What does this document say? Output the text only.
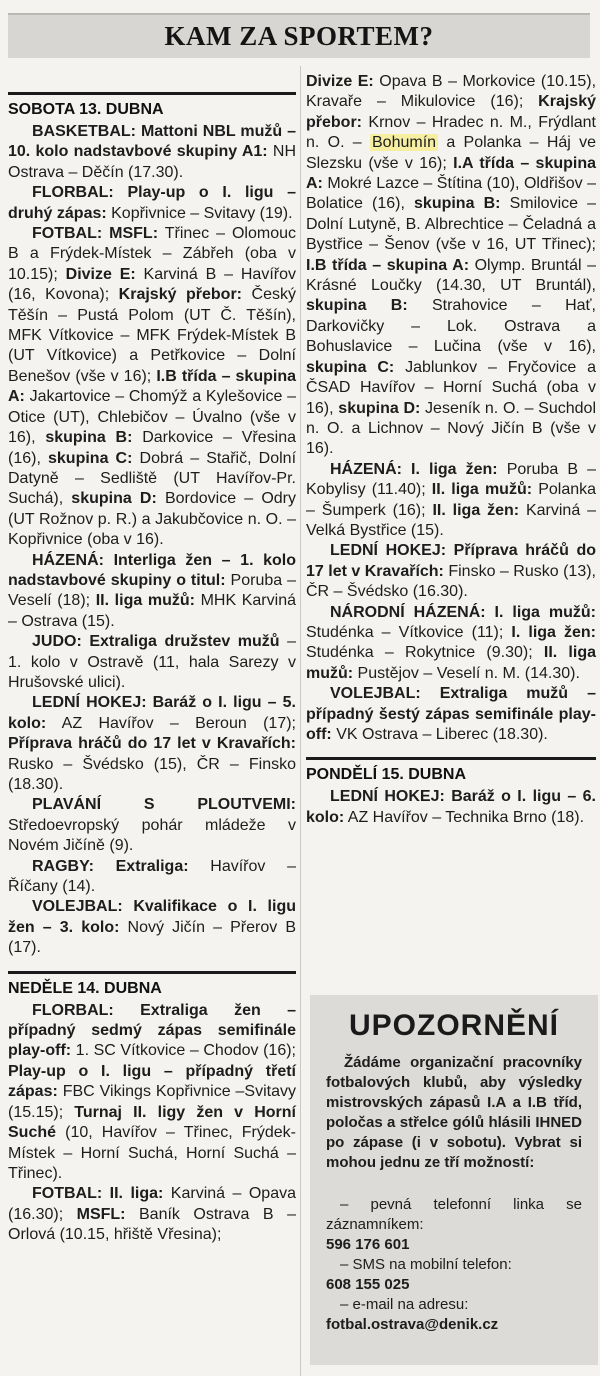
KAM ZA SPORTEM?
SOBOTA 13. DUBNA

BASKETBAL: Mattoni NBL mužů – 10. kolo nadstavbové skupiny A1: NH Ostrava – Děčín (17.30).

FLORBAL: Play-up o I. ligu – druhý zápas: Kopřivnice – Svitavy (19).

FOTBAL: MSFL: Třinec – Olomouc B a Frýdek-Místek – Zábřeh (oba v 10.15); Divize E: Karviná B – Havířov (16, Kovona); Krajský přebor: Český Těšín – Pustá Polom (UT Č. Těšín), MFK Vítkovice – MFK Frýdek-Místek B (UT Vítkovice) a Petřkovice – Dolní Benešov (vše v 16); I.B třída – skupina A: Jakartovice – Chomýž a Kylešovice – Otice (UT), Chlebičov – Úvalno (vše v 16), skupina B: Darkovice – Vřesina (16), skupina C: Dobrá – Stařič, Dolní Datyně – Sedliště (UT Havířov-Pr. Suchá), skupina D: Bordovice – Odry (UT Rožnov p. R.) a Jakubčovice n. O. – Kopřivnice (oba v 16).

HÁZENÁ: Interliga žen – 1. kolo nadstavbové skupiny o titul: Poruba – Veselí (18); II. liga mužů: MHK Karviná – Ostrava (15).

JUDO: Extraliga družstev mužů – 1. kolo v Ostravě (11, hala Sarezy v Hrušovské ulici).

LEDNÍ HOKEJ: Baráž o I. ligu – 5. kolo: AZ Havířov – Beroun (17); Příprava hráčů do 17 let v Kravařích: Rusko – Švédsko (15), ČR – Finsko (18.30).

PLAVÁNÍ S PLOUTVEMI: Středoevropský pohár mládeže v Novém Jičíně (9).

RAGBY: Extraliga: Havířov – Říčany (14).

VOLEJBAL: Kvalifikace o I. ligu žen – 3. kolo: Nový Jičín – Přerov B (17).

NEDĚLE 14. DUBNA

FLORBAL: Extraliga žen – případný sedmý zápas semifinále play-off: 1. SC Vítkovice – Chodov (16); Play-up o I. ligu – případný třetí zápas: FBC Vikings Kopřivnice –Svitavy (15.15); Turnaj II. ligy žen v Horní Suché (10, Havířov – Třinec, Frýdek-Místek – Horní Suchá, Horní Suchá – Třinec).

FOTBAL: II. liga: Karviná – Opava (16.30); MSFL: Baník Ostrava B – Orlová (10.15, hřiště Vřesina);

Divize E: Opava B – Morkovice (10.15), Kravaře – Mikulovice (16); Krajský přebor: Krnov – Hradec n. M., Frýdlant n. O. – Bohumín a Polanka – Háj ve Slezsku (vše v 16); I.A třída – skupina A: Mokré Lazce – Štítina (10), Oldřišov – Bolatice (16), skupina B: Smilovice – Dolní Lutyně, B. Albrechtice – Čeladná a Bystřice – Šenov (vše v 16, UT Třinec); I.B třída – skupina A: Olymp. Bruntál – Krásné Loučky (14.30, UT Bruntál), skupina B: Strahovice – Hať, Darkovičky – Lok. Ostrava a Bohuslavice – Lučina (vše v 16), skupina C: Jablunkov – Fryčovice a ČSAD Havířov – Horní Suchá (oba v 16), skupina D: Jeseník n. O. – Suchdol n. O. a Lichnov – Nový Jičín B (vše v 16).

HÁZENÁ: I. liga žen: Poruba B – Kobylisy (11.40); II. liga mužů: Polanka – Šumperk (16); II. liga žen: Karviná – Velká Bystřice (15).

LEDNÍ HOKEJ: Příprava hráčů do 17 let v Kravařích: Finsko – Rusko (13), ČR – Švédsko (16.30).

NÁRODNÍ HÁZENÁ: I. liga mužů: Studénka – Vítkovice (11); I. liga žen: Studénka – Rokytnice (9.30); II. liga mužů: Pustějov – Veselí n. M. (14.30).

VOLEJBAL: Extraliga mužů – případný šestý zápas semifinále play-off: VK Ostrava – Liberec (18.30).

PONDĚLÍ 15. DUBNA

LEDNÍ HOKEJ: Baráž o I. ligu – 6. kolo: AZ Havířov – Technika Brno (18).

UPOZORNĚNÍ
Žádáme organizační pracovníky fotbalových klubů, aby výsledky mistrovských zápasů I.A a I.B tříd, poločas a střelce gólů hlásili IHNED po zápase (i v sobotu). Vybrat si mohou jednu ze tří možností:
– pevná telefonní linka se záznamníkem:
596 176 601
– SMS na mobilní telefon:
608 155 025
– e-mail na adresu:
fotbal.ostrava@denik.cz
